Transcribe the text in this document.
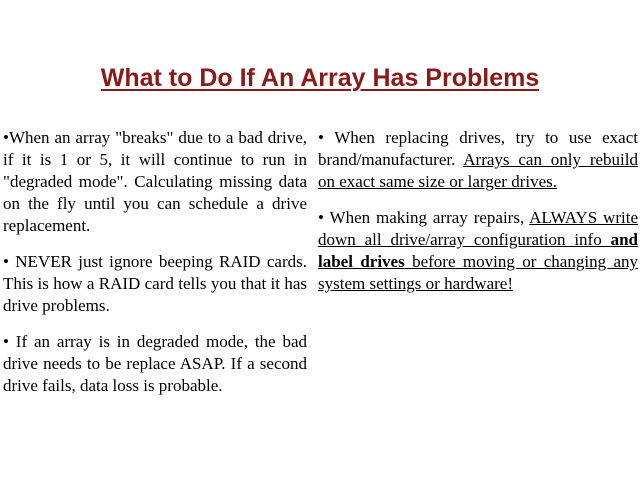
What to Do If An Array Has Problems

•When an array "breaks" due to a bad drive, if it is 1 or 5, it will continue to run in "degraded mode". Calculating missing data on the fly until you can schedule a drive replacement.

• NEVER just ignore beeping RAID cards. This is how a RAID card tells you that it has drive problems.

• If an array is in degraded mode, the bad drive needs to be replace ASAP. If a second drive fails, data loss is probable.

• When replacing drives, try to use exact brand/manufacturer. Arrays can only rebuild on exact same size or larger drives.

• When making array repairs, ALWAYS write down all drive/array configuration info and label drives before moving or changing any system settings or hardware!
